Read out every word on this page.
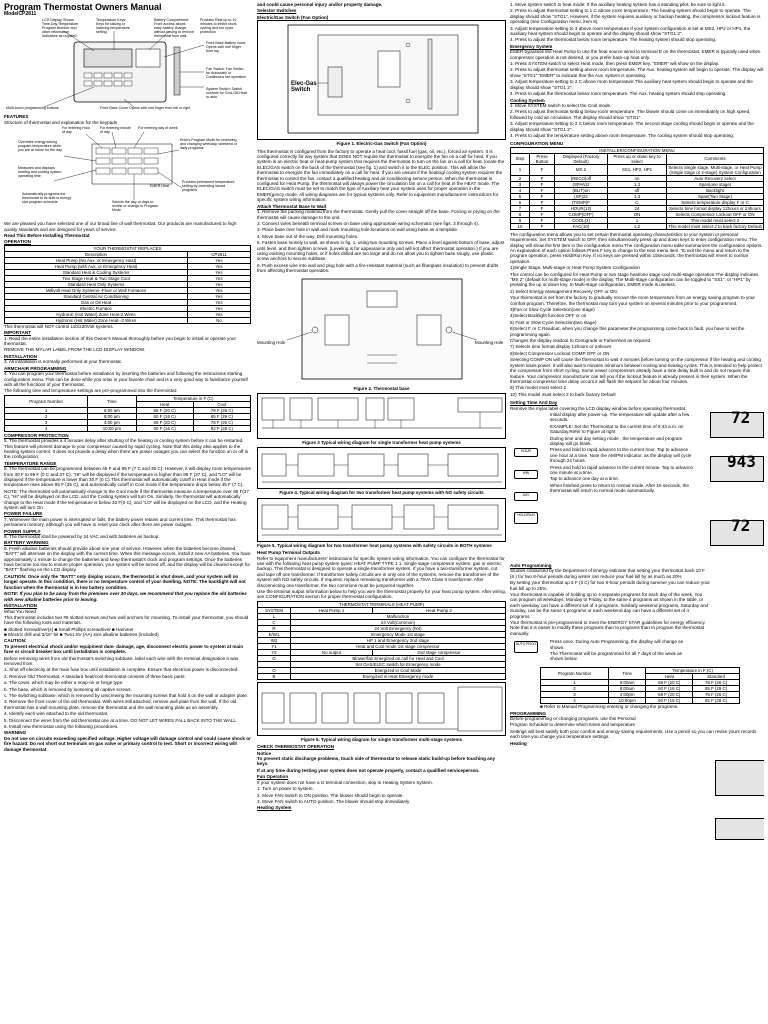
Program Thermostat Owners Manual
ModelCP2811
LCD Display Shows Time,Day,Temperature, Program Number and other information Indicators as required
Temperature Keys: Keys for raising or lowering temperature setting
Battery Compartment: Front access allows easy battery change without having to remove thermostat from wall
Provides Rest up to 10 minutes to inhibit short-cycling and run cycle protection
Front Base Battery cover Opens with one finger from top
Fan Switch: Fan Switch for Automatic or Continuous fan operation
System Switch: Switch controls for Cool-Off-Heat or auto
Multi-touch programming buttons	Front Base Cover Opens with one finger from left or right
FEATURES

Structure of thermostat and explanation for the keypads

For entering Hour of day
For entering minute of day
For entering day of week
Overrides energy saving program temperature while you are at home for the day
Measures and displays heating and cooling system operating time
Enters Program Mode for reviewing and changing weekday, weekend or daily programs
Automatically programs the thermostat to its built-in energy star program schedule
Provides permanent temperature setting by overriding stored programs
Selects the day or days to review or change in Program Mode
EMER Heat

We are pleased you have selected one of our broad line of wall thermostat. Our products are manufactured to high quality standards and are designed for years of service.

Read This Before Installing Thermostat
OPERATION
YOUR THERMOSTAT REPLACES	
Description	CP2811
Heat Pump (No Aux. or Emergency Heat)	Yes
Heat Pump (with Aux. or Emergency Heat)	Yes
Standard Heat & Cooling Systems	Yes
Two Stage Heat & Two Stage Cool	Yes
Standard Heat Only Systems	Yes
Millivolt Heat Only Systems--Floor or Wall Furnaces	Yes
Standard Central Air Conditioning	Yes
Gas or Oil Heat	Yes
Electric Furnace	Yes
Hydronic (Hot Water) Zone Heat-2 Wires	Yes
Hydronic (Hot Water) Zone Heat--3 Wires	No

This thermostat will NOT control 110/220Volt systems.

IMPORTANT

1. Read the entire installation section of this Owner's Manual thoroughly before you begin to install or operate your thermostat.

REMOVE THE MYLAR LABEL FROM THE LCD DISPLAY WINDOW.

INSTALLATION

3. All installation is normally performed at your thermostat.

ARMCHAIR PROGRAMMING

4. You can program your thermostat before installation by inserting the batteries and following the instructions starting configuration menu. This can be done while you relax in your favorite chair and is a very good way to familiarize yourself with all the functions of your thermostat.

The following time and temperature settings are pre-programmed into the thermostat:

Program Number	Time	Temperature in F (C)	
		Heat	Cool
1	6:00 am	68 F (20 C)	78 F (26 C)
2	8:00 am	60 F (16 C)	85 F (29 C)
3	4:00 pm	68 F (20 C)	78 F (26 C)
4	10:00 pm	60 F (16 C)	82 F (28 C)
COMPRESSOR PROTECTION

5. The thermostat provides a 4 minutes delay after shutting of the heating or cooling system before it can be restarted. This feature will prevent damage to your compressor caused by rapid cycling. Note that this delay also applies to the heating system control. It does not provide a delay when there are power outages you can select the function on or off in the configuration.

TEMPERATURE RANGE

6. The thermostat can be programmed between 45 F and 95 F (7 C and 35 C). However, it will display room temperatures from 30 F to 99 F (0 C and 37 C). "HI" will be displayed if the temperature is higher than 99 F (37 C), and "LO" will be displayed if the temperature is lower than 30 F (0 C).This thermostat will automatically cutoff in Heat mode if the temperature rises above 95 F (35 C), and automatically cutoff in Cool mode if the temperature drops below 45 F (7 C).

NOTE: The thermostat will automatically change to the Cool mode if the thermostat measure a temperature over 99 F(37 C), "HI" will be displayed on the LCD, and the Cooling system will turn On. Similarly, the thermostat will automatically change to the Heat mode if the temperature is below 32 F(0 C), and "LO" will be displayed on the LCD, and the Heating system will turn On.

POWER FAILURE

7. Whenever the main power is interrupted or fails, the battery power retains and current time. This thermostat has permanent memory, although you will have to reset your clock after there are power outages.

POWER SUPPLY

8. The thermostat shall be powered by 24 VAC and with batteries as backup.

BATTERY WARNING

9. Fresh alkaline batteries should provide about one year of service. However, when the batteries become drained, "BATT" will alternate on the display with the current time. When this message occurs, install 2 new AA batteries. You have approximately 1 minute to change the batteries and keep thermostat's clock and program settings. Once the batteries have become too low to ensure proper operation, your system will be turned off, and the display will be cleared except for "BATT" flashing on the LCD display.

CAUTION: Once only the "BATT" only display occurs, the thermostat is shut down, and your system will no longer operate. In this condition, there is no temperature control of your dwelling. NOTE: The backlight will not function when the thermostat is in low battery condition.

NOTE: If you plan to be away from the premises over 30 days, we recommend that you replace the old batteries with new alkaline batteries prior to leaving.

INSTALLATION
What You Need

This thermostat includes two #6 slotted screws and two wall anchors for mounting. To install your thermostat, you should have the following tools and materials.

■ Slotted Screwdriver(s) ■ Small Phillips screwdriver ■ Hammer
■ Electric drill and 3/16" bit ■ Two1.5V (AA) size alkaline batteries (included)

CAUTION:

To prevent electrical shock and/or equipment dam- damage, age, disconnect electric power to system at main fuse or circuit breaker box until installation is complete.

Before removing wires from old thermostat's switching subbase, label each wire with the terminal designation it was removed from.

1. Shut off electricity at the main fuse box until installation is complete. Ensure that electrical power is disconnected.

2. Remove Old Thermostat: A standard heat/cool thermostat consists of three basic parts:

a. The cover, which may be either a snap-on or hinge type.

b. The base, which is removed by loosening all captive screws.

c. The switching subbase, which is removed by unscrewing the mounting screws that hold it on the wall or adapter plate.

3. Remove the front cover of the old thermostat. With wires still attached, remove wall plate from the wall. If the old thermostat has a wall mounting plate, remove the thermostat and the wall mounting plate as an assembly.

4. Identify each wire attached to the old thermostat.

5. Disconnect the wires from the old thermostat one at a time. DO NOT LET WIRES FALL BACK INTO THE WALL.

6. Install new thermostat using the following procedures.

WARNING

Do not use on circuits exceeding specified voltage. Higher voltage will damage control and could cause shock or fire hazard. Do not short out terminals on gas valve or primary control to test. Short or incorrect wiring will damage thermostat

and could cause personal injury and/or property damage.

Selector Switches
Electric/Gas Switch (Fan Option)
Elec-Gas Switch
Figure 1. Electric-Gas Switch (Fan Option)

This thermostat is configured from the factory to operate a heat cool, fossil fuel (gas, oil, etc.), forced air system. It is configured correctly for any system that DOES NOT require the thermostat to energize the fan on a call for heat. If you system is an electric heat or heat-pump system that requires the thermostat to turn on the fan on a call for heat, locate the ELEC/GAS switch on the back of the thermostat (see fig. 1) and switch it to the ELEC position. This will allow the thermostat to energize the fan immediately on a call for heat. If you are unsure if the heating/ cooling system requires the thermostat to control the fan, contact a qualified heating and air conditioning service person. When the thermostat is configured for Heat Pump, the thermostat will always power the circulation fan on a call for heat in the HEAT mode. The ELEC/GAS switch must be set to match the type of Auxiliary heat your system uses for proper operation in the EMER(gency mode. All wiring diagrams are for typical systems only. Refer to equipment manufacturers' instructions for specific system wiring information.

Attach Thermostat Base to Wall

1. Remove the packing material from the thermostat. Gently pull the cover straight off the base. Forcing or prying on the thermostat will cause damage to the unit.

2. Connect wires beneath terminal screws on base using appropriate wiring schematic (see figs. 3 through 4).

3. Place base over hole in wall and mark mounting hole locations on wall using base as a template.

4. Move base out of the way. Drill mounting holes.

5. Fasten base loosely to wall, as shown in fig. 1, using two mounting screws. Place a level against bottom of base, adjust until level, and then tighten screws. (Leveling is for appearance only and will not affect thermostat operation.) If you are using existing mounting holes, or if holes drilled are too large and do not allow you to tighten base snugly, use plastic screw anchors to secure subbase.

6. Push excess wire into wall and plug hole with a fire-resistant material (such as fiberglass insulation) to prevent drafts from affecting thermostat operation.

Mounting Hole	Mounting Hole
Figure 2. Thermostat base
Figure 3 Typical wiring diagram for single transformer heat pump systems
Figure 4. Typical wiring diagram for two transformer heat pump systems with NO safety circuits
Figure 5. Typical wiring diagram for two transformer heat pump systems with safety circuits in BOTH systems
Heat Pump Terminal Outputs

Refer to equipment manufacturers' instructions for specific system wiring information. You can configure the thermostat for use with the following heat pump system types: HEAT PUMP TYPE 1 1: Single stage compressor system; gas or electric backup. This thermostat is designed to operate a single-transformer system. If you have a two-transformer system, cut and tape off one transformer. If transformer safety circuits are in only one of the systems, remove the transformer of the system with NO safety circuits. If required, replace remaining transformer with a 75VA Class II transformer. After disconnecting one transformer, the two commons must be jumpered together.

Use the terminal output information below to help you wire the thermostat properly for your heat pump system. After wiring, see CONFIGURATION section for proper thermostat configuration.

THERMOSTAT TERMINALS (HEAT PUMP)		
SYSTEM	Heat Pump 1	Heat Pump 2
L	Malfunction	
C	24 Volt(Common)	
R	24 Volt Emergency (hot)	
E/W1	Emergency Mode 1st stage	
W2	HP 1 and Emergency 2nd stage	
Y1	Heat and Cool mode 1st stage compressor	
Y2	No output	2nd stage compressor
G	Blower/fan Energized on call for Heat and Cool	
	Set GAS/ELEC switch for Emergency mode	
O	Energized in Cool Mode	
B	Energized in Heat Emergency mode	
Figure 5. Typical wiring diagram for single transformer multi-stage systems
CHECK THERMOSTAT OPERATION
Notice

To prevent static discharge problems, touch side of thermostat to release static build-up before touching any keys.

If at any time during testing your system does not operate properly, contact a qualified serviceperson.

Fan Operation

If your system does not have a G terminal connection, skip to Heating System System.

1. Turn on power to system.

2. Move FAN switch to ON position. The blower should begin to operate.

3. Move FAN switch to AUTO position. The blower should stop immediately

Heating System

1. Move system switch to heat mode. If the auxiliary heating system has a standing pilot, be sure to light it.

2. Press to adjust thermostat setting to 1 C above room temperature. The heating system should begin to operate. The display should show "STG1". However, if the system requires auxiliary or backup heating, the compressor lockout feature is operating (see Configuration menu, item 5).

3. Adjust temperature setting to 3 above room temperature If your system configuration is set at MS2, HP2 or HP1, the auxiliary heat system should begin to operate and the display should show "STG1 2".

4. Press to adjust the thermostat below room temperature. The heating system should stop operating.

Emergency System

EMER bypasses the Heat Pump to use the heat source wired to terminal E on the thermostat. EMER is typically used when compressor operation is not desired, or you prefer back-up heat only.

1. Press SYSTEM switch to select Heat mode, then press EMER key. "EMER" will show on the display.

2. Press to adjust thermostat setting above room temperature. The Aux. heating system will begin to operate. The display will show "STG1" "EMER" to indicate that the Aux. system is operating.

3. Adjust temperature setting to 2 C above room temperature.The auxiliary heat system should begin to operate and the display should show "STG1 2".

4. Press to adjust the thermostat below room temperature. The Aux. heating system should stop operating.

Cooling System

1. Move SYSTEM switch to select the Cool mode.

2. Press to adjust thermostat setting below room temperature. The blower should come on immediately on high speed, followed by cold air circulation. The display should show "STG1".

3. Adjust temperature setting to 2 C below room temperature. The second stage cooling should begin to operate and the display should show "STG1 2".

4. Press to adjust the temperature setting above room temperature. The cooling system should stop operating.

CONFIGURATION MENU
INSTALLER/CONFIGURATION MENU				
Step	Press Button	Displayed (Factory Default)	Press up or down key to select	Comments
1	F	MS 2	SS1, HP2, HP1	Selects Single stage, Multi-stage, or Heat Pump (Single stage or 2-stage) System Configuration
2	F	(RECO)off	on	Auto Recovery select
3	F	(SPAN)2	1,3	Span(one stage)
4	F	(BLIT)on	off	Backlight
5	F	(SP)22	1,3	Span(Two Stage)
6	F	(TEMP)F	C	Selects temperature display F or C
7	F	HOUR(12)	24	Selects time format display 12hours or 24hours
8	F	COMP(OFF)	ON	Selects Compressor Lockout OFF or ON
9	F	COOL(2)	1	This model must select 2
10	F	FAC(10)	1,2	This model must select 2 to back factory Default

The configuration menu allows you to set certain thermostat operating characteristics to your system or personal requirements. Set SYSTEM switch to OFF, then simultaneously press up and down keys to enter configuration menu. The display will show the first item in the configuration menu.The configuration menu table summarizes the configuration options. An explanation of each option follows.Press F key to change to the next menu item. To exit the menu and return to the program operation, press Hold/Run Key. If no keys are pressed within 15seconds, the thermostat will revert to normal operation.

1)Single Stage, Multi-stage or Heat Pump System Configuration

This control can be configured for Heat Pump or two stage heat/one stage cool multi-stage operation.The display indicates "MS 2" (default for multi-stage mode) in the display. The Multi-stage configuration can be toggled to "SS1", or "HP1" by pressing the up or down key. In Multi-stage configuration, EMER mode is useless.

2) Select Energy Management Recovery OFF or ON.

Your thermostat is set from the factory to gradually recover the room temperature from an energy saving program to your comfort program. Therefore, the thermostat may turn your system on several minutes prior to your programmed.

3)Fan or Slow Cycle Selection(one stage)

4)Select Backlight function OFF or on

5) Fast or Slow Cycle Selection(two stage)

6)Select F or C Readout, when you change this parameter,the programming come back to fault, you have to set the programming again.

Changes the display readout to Centigrade or Fahrenheit as required

7) Selects time format display 12hours or 24hours

8)Select Compressor Lockout COMP OFF or ON

Selecting COMP ON will cause the thermostat to wait 4 minutes before turning on the compressor if the heating and cooling system loses power. It will also wait 5 minutes minimum between cooling and heating cycles. This is intended to help protect the compressor from short cycling. Some newer compressors already have a time delay built in and do not require this feature. Your compressor manufacturer can tell you if the lockout feature is already present in their system. When the thermostat compressor time delay occurs it will flash the setpoint for about four minutes.

9) This model must select 2

10) This model must select 2 to back factory Default

Setting Time And Day

Remove the mylar label covering the LCD display window before operating thermostat.

Initial display after power-up. The temperature will update after a few seconds.

EXAMPLE: Set the Thermostat to the current time of 9:43 a.m. on Saturday.Refer to Figure at right

During time and day setting mode , the temperature and program display will go blank.

Press and hold to rapid advance to the current hour. Tap to advance one hour at a time. Note the AM/PM indicator, as the display will cycle through 24 hours.

Press and hold to rapid advance to the current minute. Tap to advance one minute at a time.

Tap to advance one day at a time.

When finished press to return to normal mode. After 15 seconds, the thermostat will return to normal mode automatically.

72
943
72
HOUR
MIN
DAY
HOLD/RUN
Auto Programming

Studies conducted by the Department of Energy estimate that setting your thermostat back 10 F (6 ) for two 8-hour periods during winter can reduce your fuel bill by as much as 20%

By setting your thermostat up 5 F (3 C) for two 8-hour periods during summer you can reduce your fuel bill up to 25%.

Your thermostat is capable of holding up to 4 separate programs for each day of the week. You can program all weekdays, Monday to Friday, to the same 4 programs as shown in the table, or each weekday can have a different set of 4 programs. Similarly weekend programs, Saturday and Sunday, can be the same 4 programs or each weekend day can have a different set of 4 programs.

Your thermostat is pre-programmed to meet the ENERGY STAR guidelines for energy efficiency. Note that it is easier to modify these programs than to programs than to program the thermostat manually.

AUTO PROG	Press once. During Auto Programming, the display will change as shown.

The Thermostat will be programmed for all 7 days of the week as shown below.

Program Number	Time	Temperature in F (C)	
		Heat	Standard
1	6:00am	68 F (20 C)	78 F (26 C)
2	8:00am	60 F (16 C)	85 F (29 C)
3	4:00pm	68 F (20 C)	78 F (26 C)
4	10:00pm	60 F (16 C)	82 F (28 C)

■ Refer to Manual Programming entering or changing the programs.

PROGRAMMING

Before programming or changing programs, use this Personal

Program Schedule to determine which times and temperature

Settings will best satisfy both your comfort and energy saving requirements. Use a pencil so you can revise yours records each time you change your temperature settings.

Heating
